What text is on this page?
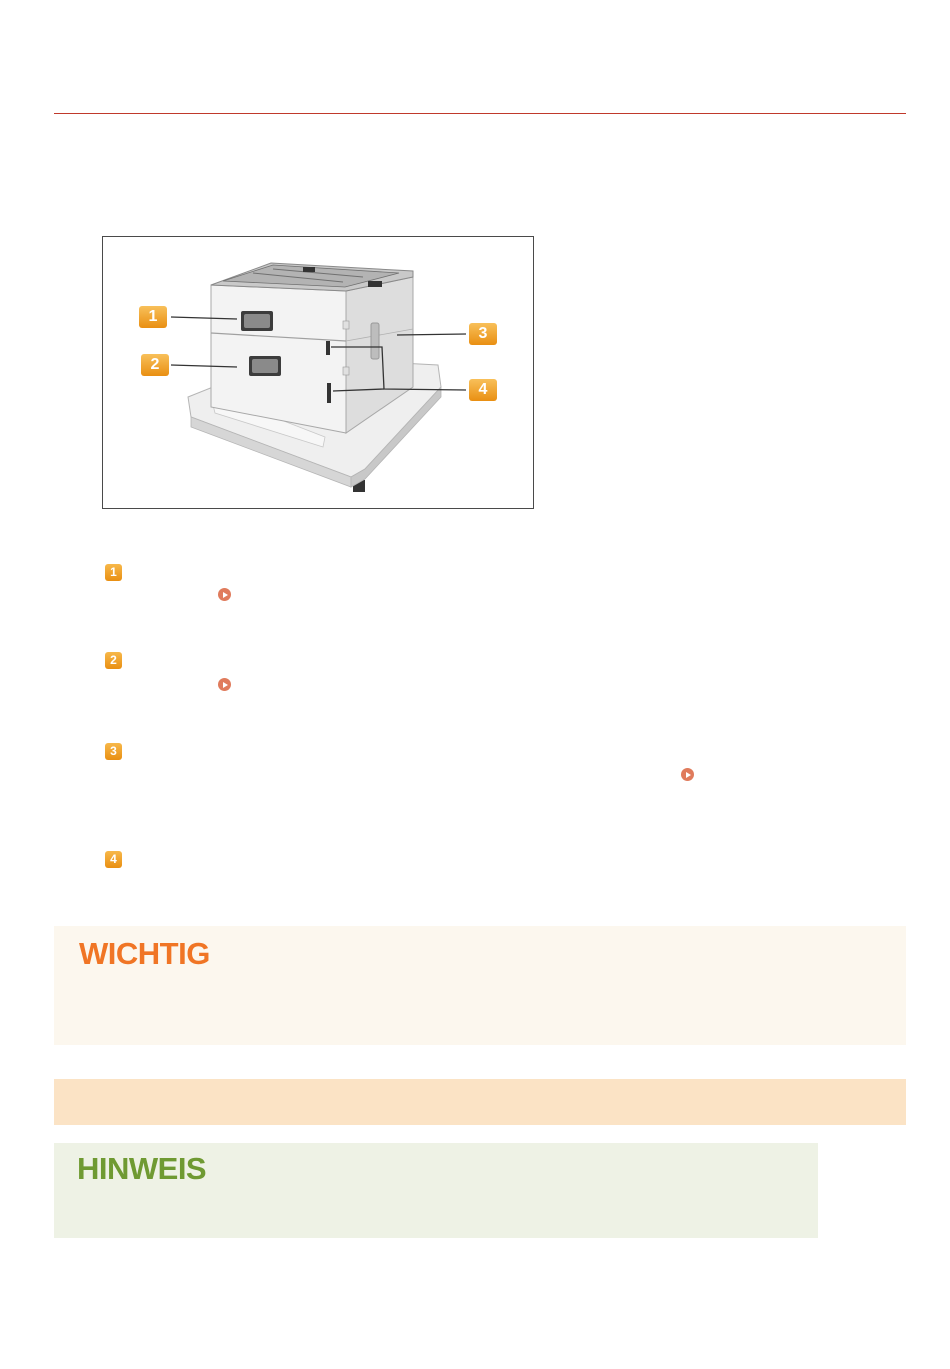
1
2
3
4
1
2
3
4
WICHTIG
HINWEIS
